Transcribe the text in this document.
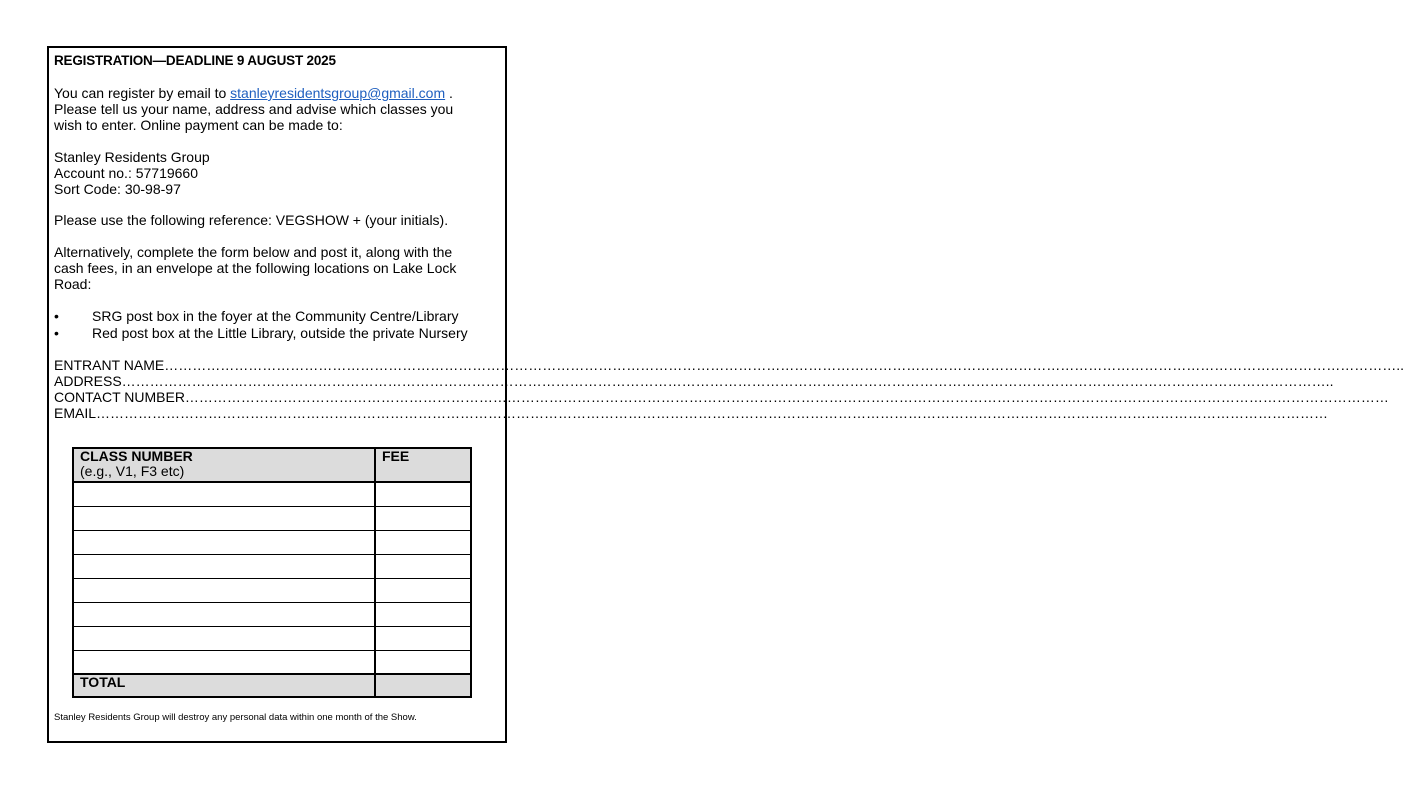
REGISTRATION—DEADLINE 9 AUGUST 2025
You can register by email to stanleyresidentsgroup@gmail.com .
Please tell us your name, address and advise which classes you
wish to enter. Online payment can be made to:
Stanley Residents Group
Account no.: 57719660
Sort Code: 30-98-97
Please use the following reference: VEGSHOW + (your initials).
Alternatively, complete the form below and post it, along with the
cash fees, in an envelope at the following locations on Lake Lock
Road:
• SRG post box in the foyer at the Community Centre/Library
• Red post box at the Little Library, outside the private Nursery
ENTRANT NAME…………………………………………………………………………………………………………………………………………………………………………………………………………………………………………..
ADDRESS……………………………………………………………………………………………………………………………………………………………………………………………………………………………………..
CONTACT NUMBER……………………………………………………………………………………………………………………………………………………………………………………………………………………………………
EMAIL…………………………………………………………………………………………………………………………………………………………………………………………………………………………………………
CLASS NUMBER
(e.g., V1, F3 etc)	FEE

TOTAL	
Stanley Residents Group will destroy any personal data within one month of the Show.
